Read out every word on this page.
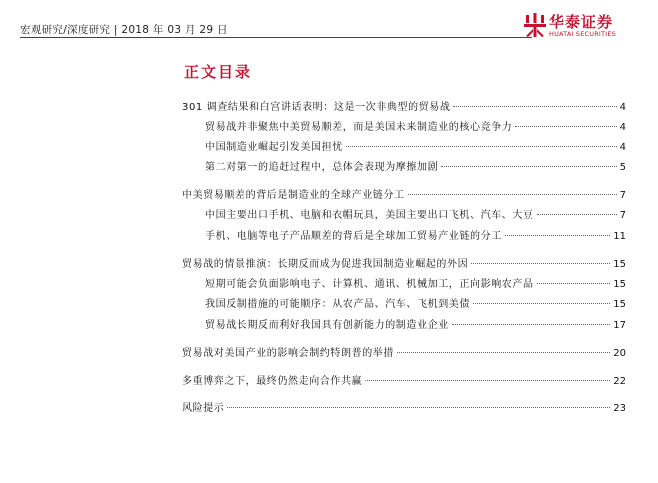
宏观研究/深度研究 | 2018 年 03 月 29 日	华泰证券
HUATAI SECURITIES
正文目录
301 调查结果和白宫讲话表明：这是一次非典型的贸易战	4
贸易战并非聚焦中美贸易顺差，而是美国未来制造业的核心竞争力	4
中国制造业崛起引发美国担忧	4
第二对第一的追赶过程中，总体会表现为摩擦加剧	5
中美贸易顺差的背后是制造业的全球产业链分工	7
中国主要出口手机、电脑和衣帽玩具，美国主要出口飞机、汽车、大豆	7
手机、电脑等电子产品顺差的背后是全球加工贸易产业链的分工	11
贸易战的情景推演：长期反而成为促进我国制造业崛起的外因	15
短期可能会负面影响电子、计算机、通讯、机械加工，正向影响农产品	15
我国反制措施的可能顺序：从农产品、汽车、飞机到美债	15
贸易战长期反而利好我国具有创新能力的制造业企业	17
贸易战对美国产业的影响会制约特朗普的举措	20
多重博弈之下，最终仍然走向合作共赢	22
风险提示	23
